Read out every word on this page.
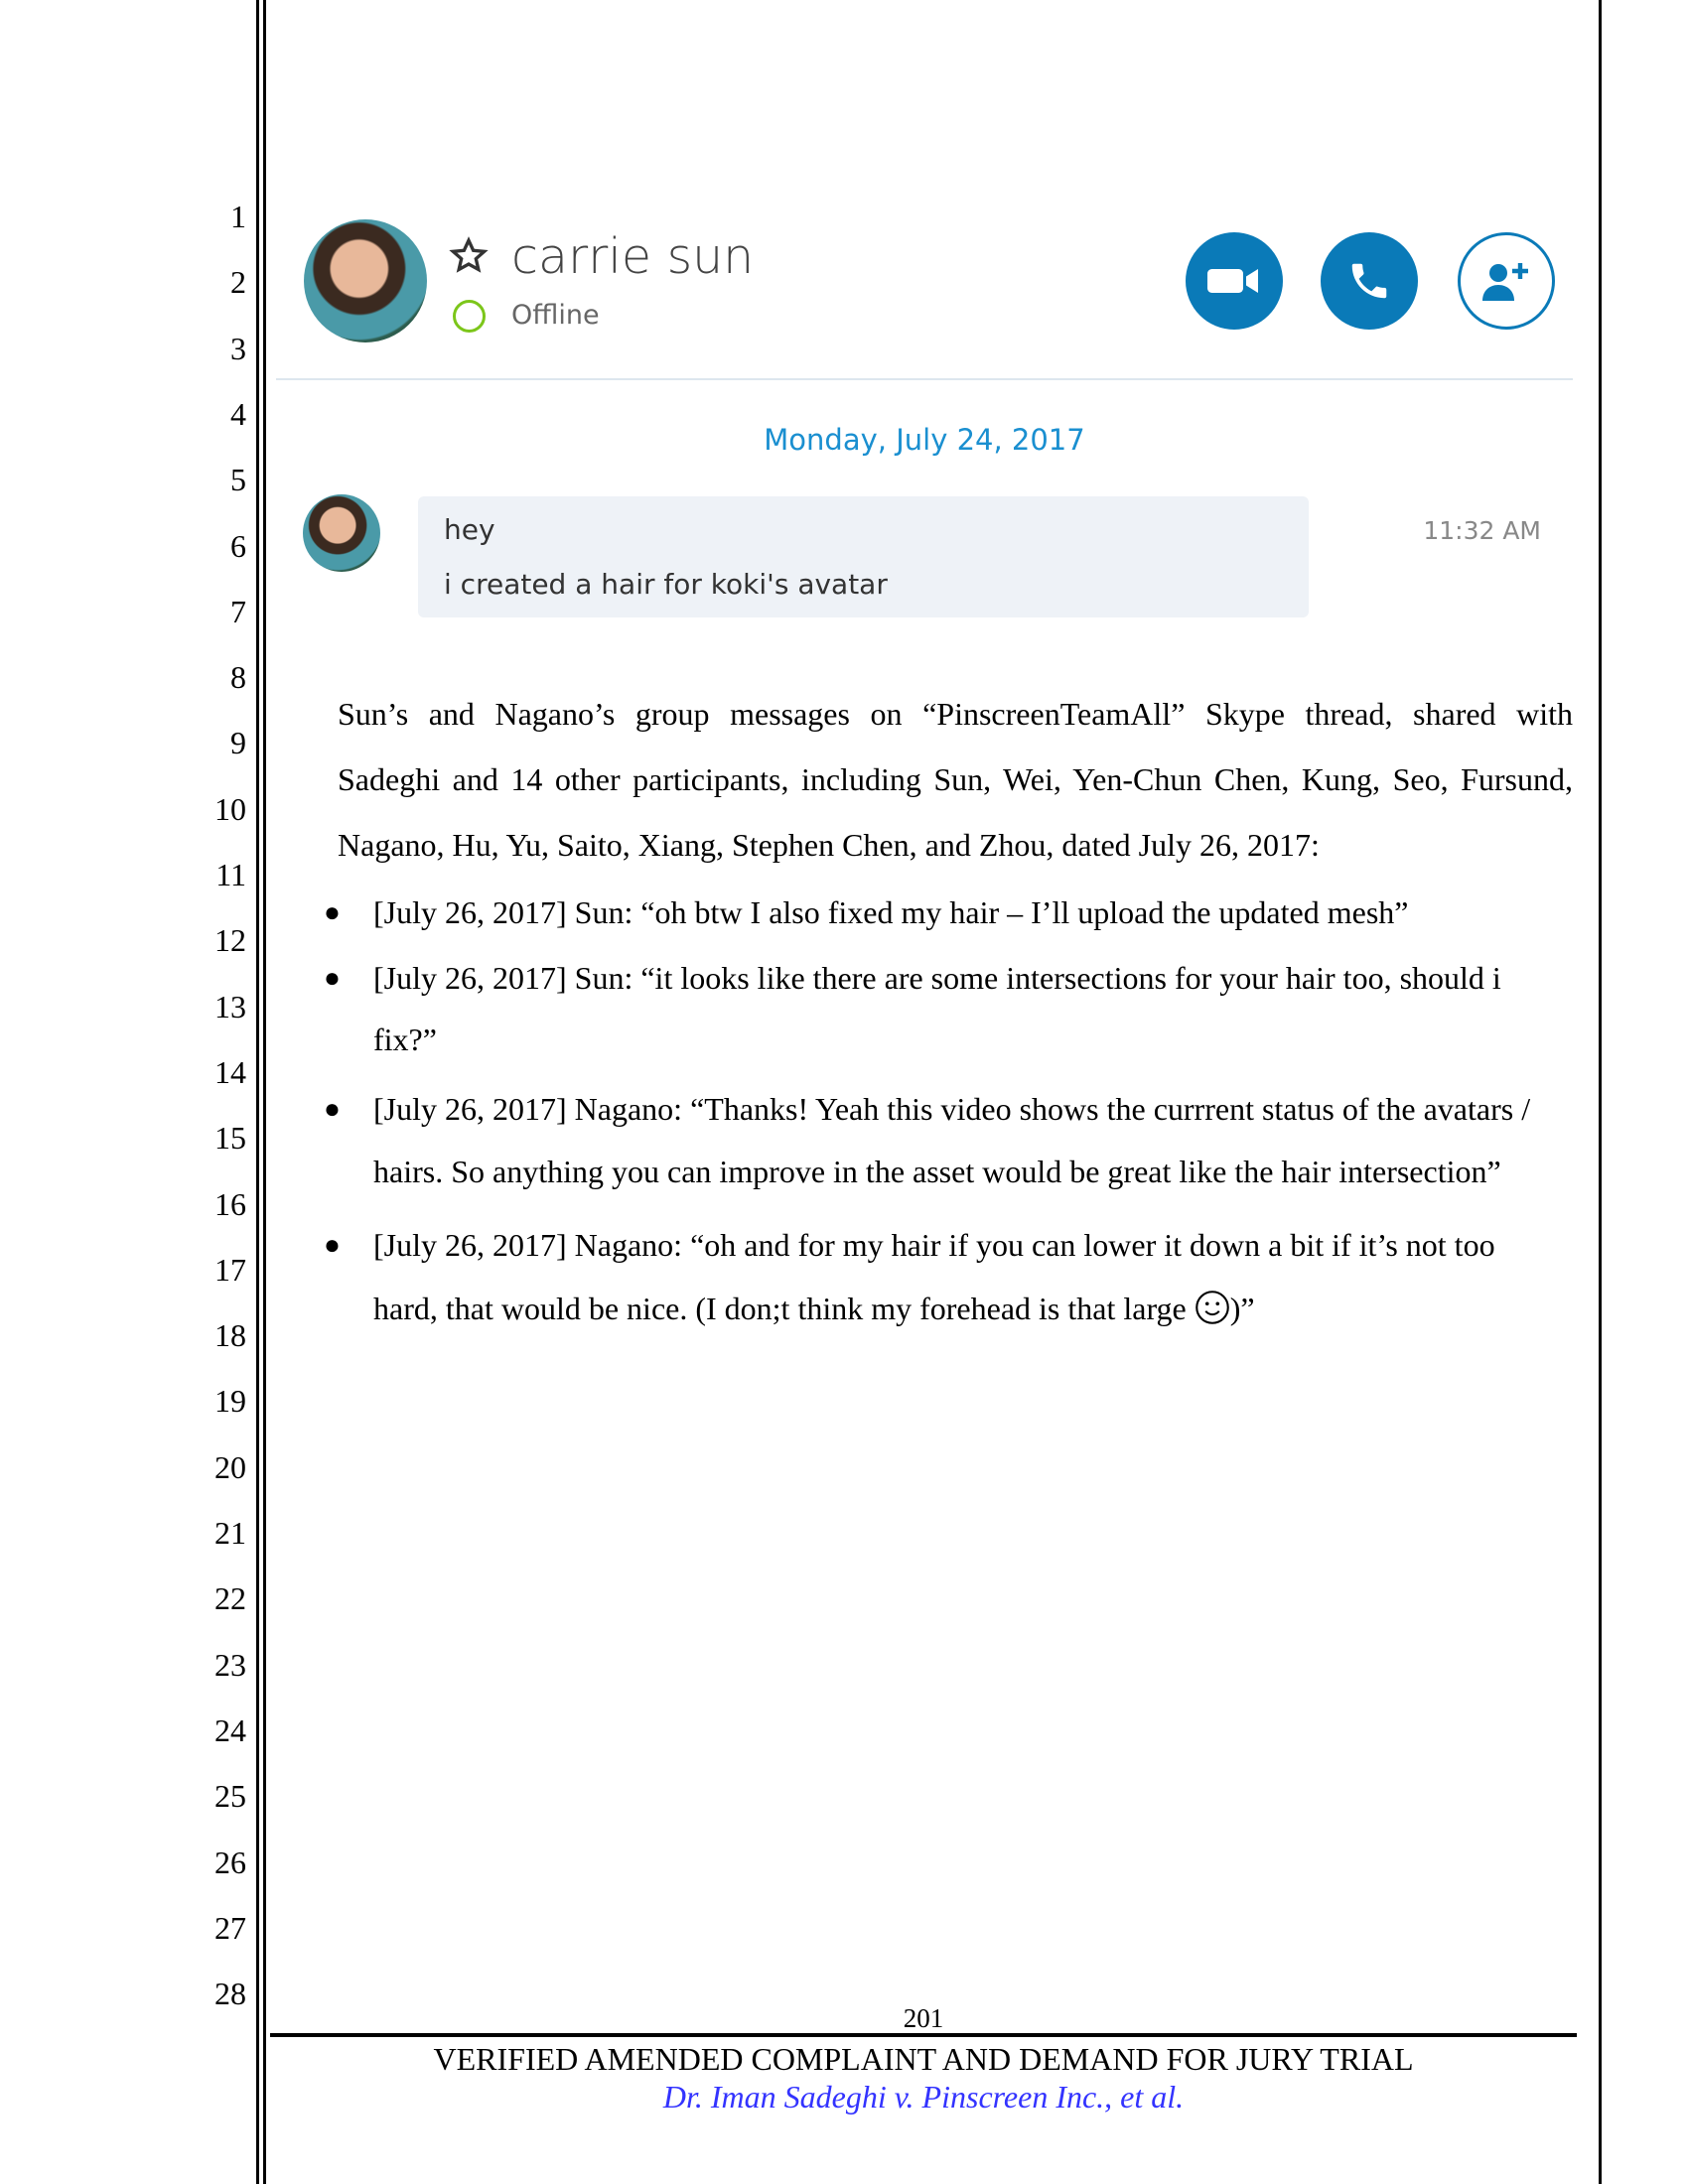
1
2
3
4
5
6
7
8
9
10
11
12
13
14
15
16
17
18
19
20
21
22
23
24
25
26
27
28
carrie sun
Offline
Monday, July 24, 2017
hey
i created a hair for koki's avatar
11:32 AM
Sun’s and Nagano’s group messages on “PinscreenTeamAll” Skype thread, shared with
Sadeghi and 14 other participants, including Sun, Wei, Yen-Chun Chen, Kung, Seo, Fursund,
Nagano, Hu, Yu, Saito, Xiang, Stephen Chen, and Zhou, dated July 26, 2017:
● [July 26, 2017] Sun: “oh btw I also fixed my hair – I’ll upload the updated mesh”
● [July 26, 2017] Sun: “it looks like there are some intersections for your hair too, should i
fix?”
● [July 26, 2017] Nagano: “Thanks! Yeah this video shows the currrent status of the avatars /
hairs. So anything you can improve in the asset would be great like the hair intersection”
● [July 26, 2017] Nagano: “oh and for my hair if you can lower it down a bit if it’s not too
hard, that would be nice. (I don;t think my forehead is that large )”
201
VERIFIED AMENDED COMPLAINT AND DEMAND FOR JURY TRIAL
Dr. Iman Sadeghi v. Pinscreen Inc., et al.
